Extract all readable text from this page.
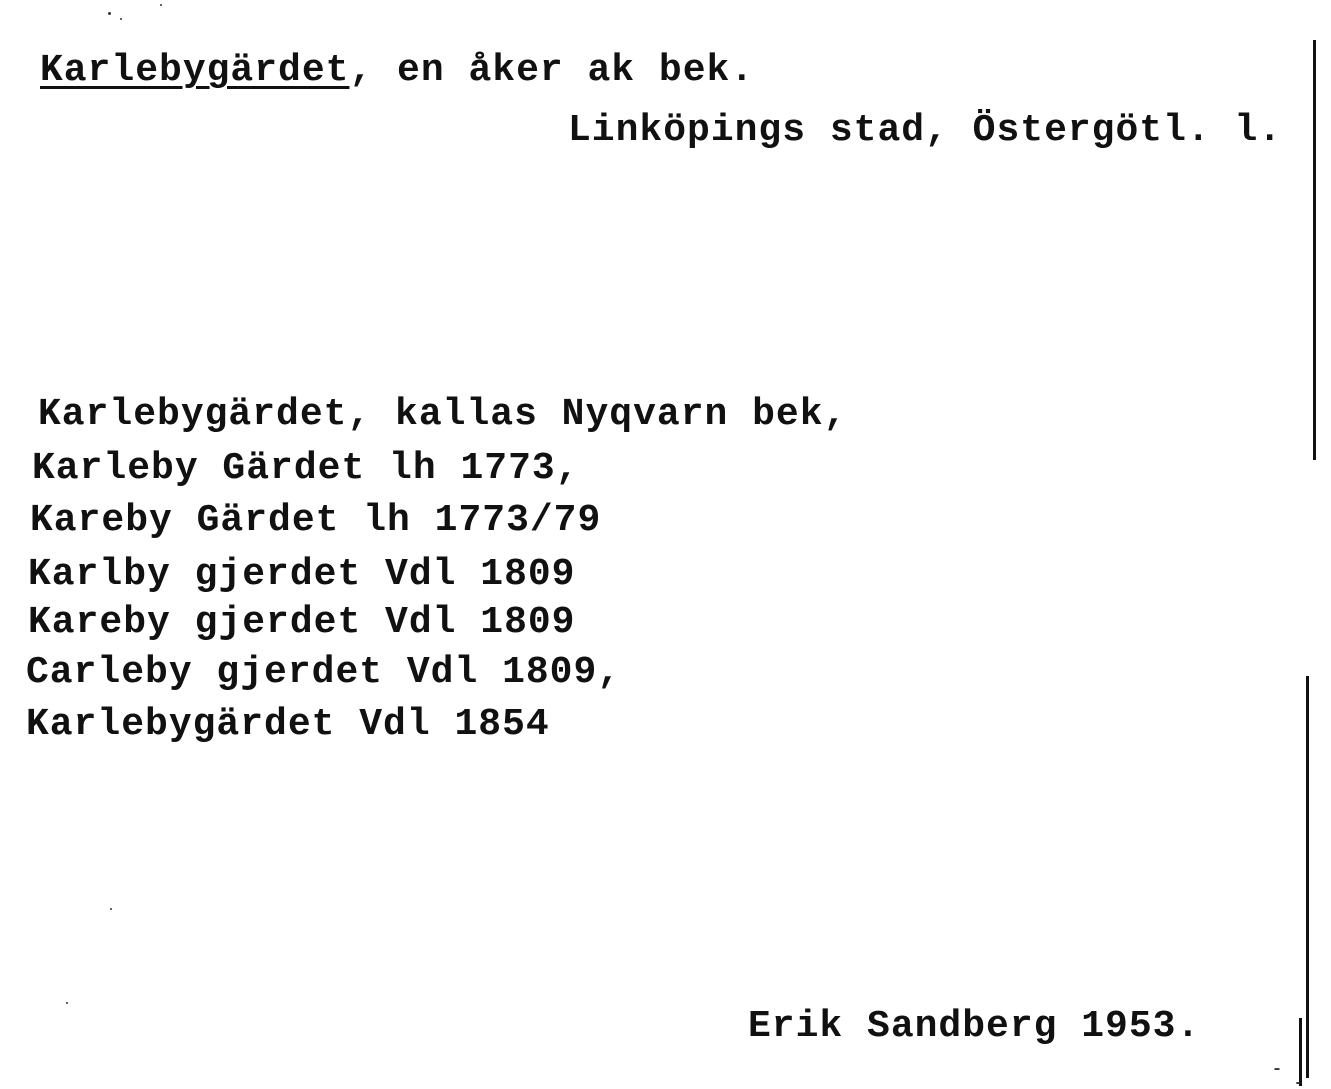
Karlebygärdet, en åker ak bek.
Linköpings stad, Östergötl. l.
Karlebygärdet, kallas Nyqvarn bek,
Karleby Gärdet lh 1773,
Kareby Gärdet lh 1773/79
Karlby gjerdet Vdl 1809
Kareby gjerdet Vdl 1809
Carleby gjerdet Vdl 1809,
Karlebygärdet Vdl 1854
Erik Sandberg 1953.
